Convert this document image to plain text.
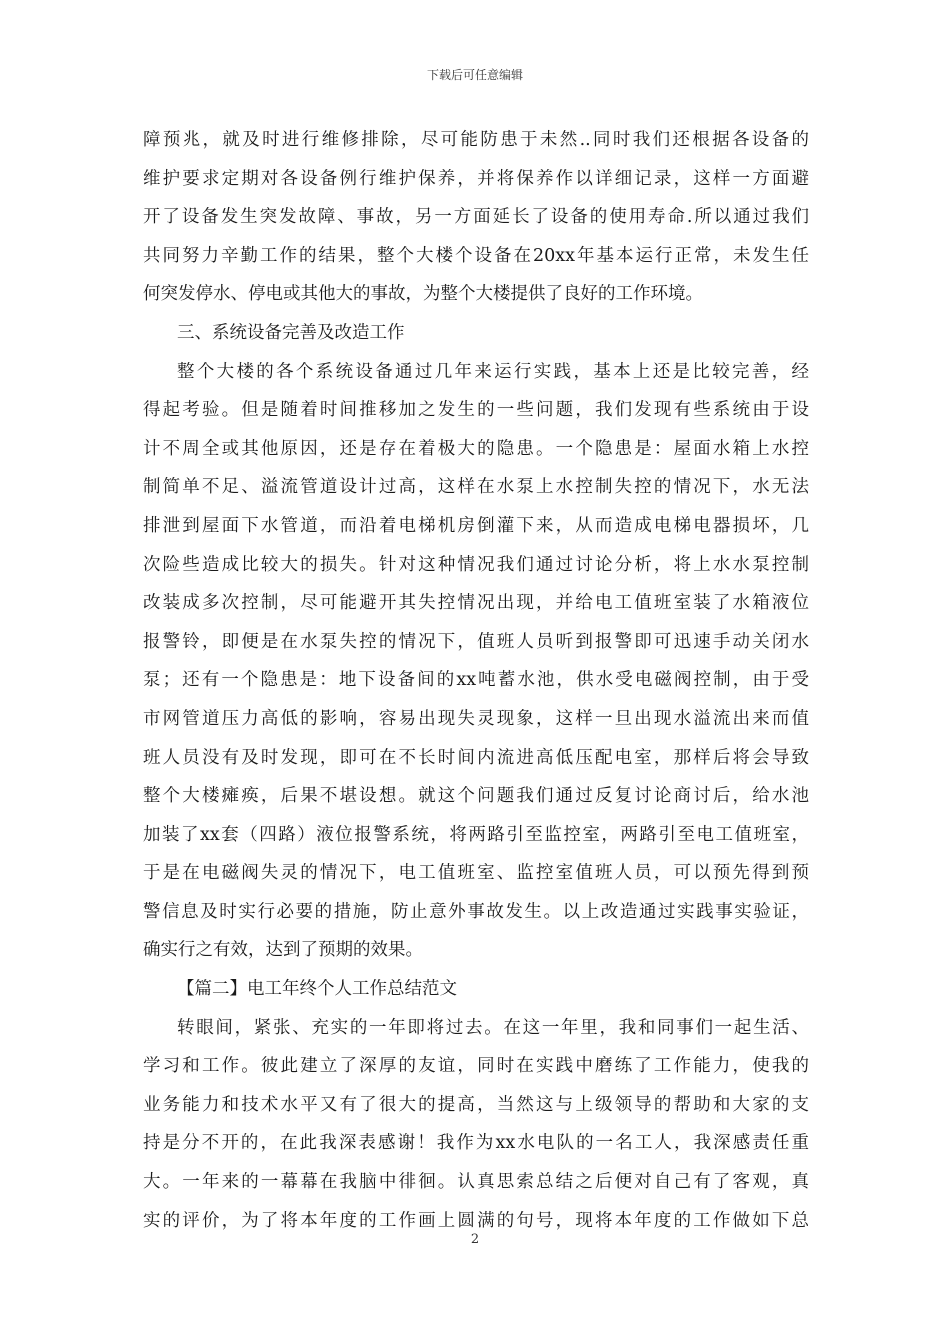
下载后可任意编辑
障预兆，就及时进行维修排除，尽可能防患于未然..同时我们还根据各设备的
维护要求定期对各设备例行维护保养，并将保养作以详细记录，这样一方面避
开了设备发生突发故障、事故，另一方面延长了设备的使用寿命.所以通过我们
共同努力辛勤工作的结果，整个大楼个设备在20xx年基本运行正常，未发生任
何突发停水、停电或其他大的事故，为整个大楼提供了良好的工作环境。
三、系统设备完善及改造工作
整个大楼的各个系统设备通过几年来运行实践，基本上还是比较完善，经
得起考验。但是随着时间推移加之发生的一些问题，我们发现有些系统由于设
计不周全或其他原因，还是存在着极大的隐患。一个隐患是：屋面水箱上水控
制简单不足、溢流管道设计过高，这样在水泵上水控制失控的情况下，水无法
排泄到屋面下水管道，而沿着电梯机房倒灌下来，从而造成电梯电器损坏，几
次险些造成比较大的损失。针对这种情况我们通过讨论分析，将上水水泵控制
改装成多次控制，尽可能避开其失控情况出现，并给电工值班室装了水箱液位
报警铃，即便是在水泵失控的情况下，值班人员听到报警即可迅速手动关闭水
泵；还有一个隐患是：地下设备间的xx吨蓄水池，供水受电磁阀控制，由于受
市网管道压力高低的影响，容易出现失灵现象，这样一旦出现水溢流出来而值
班人员没有及时发现，即可在不长时间内流进高低压配电室，那样后将会导致
整个大楼瘫痪，后果不堪设想。就这个问题我们通过反复讨论商讨后，给水池
加装了xx套（四路）液位报警系统，将两路引至监控室，两路引至电工值班室，
于是在电磁阀失灵的情况下，电工值班室、监控室值班人员，可以预先得到预
警信息及时实行必要的措施，防止意外事故发生。以上改造通过实践事实验证，
确实行之有效，达到了预期的效果。
【篇二】电工年终个人工作总结范文
转眼间，紧张、充实的一年即将过去。在这一年里，我和同事们一起生活、
学习和工作。彼此建立了深厚的友谊，同时在实践中磨练了工作能力，使我的
业务能力和技术水平又有了很大的提高，当然这与上级领导的帮助和大家的支
持是分不开的，在此我深表感谢！我作为xx水电队的一名工人，我深感责任重
大。一年来的一幕幕在我脑中徘徊。认真思索总结之后便对自己有了客观，真
实的评价，为了将本年度的工作画上圆满的句号，现将本年度的工作做如下总
2
